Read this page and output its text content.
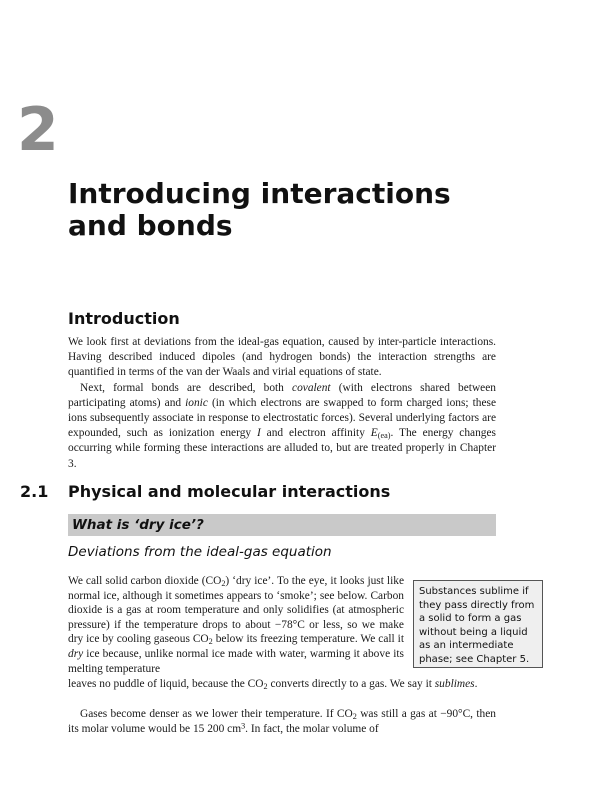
2
Introducing interactions
and bonds
Introduction

We look first at deviations from the ideal-gas equation, caused by inter-particle interactions. Having described induced dipoles (and hydrogen bonds) the interaction strengths are quantified in terms of the van der Waals and virial equations of state.

Next, formal bonds are described, both covalent (with electrons shared between participating atoms) and ionic (in which electrons are swapped to form charged ions; these ions subsequently associate in response to electrostatic forces). Several underlying factors are expounded, such as ionization energy I and electron affinity $E_{(ea)}$. The energy changes occurring while forming these interactions are alluded to, but are treated properly in Chapter 3.

2.1 Physical and molecular interactions
What is ‘dry ice’?
Deviations from the ideal-gas equation

We call solid carbon dioxide $(CO_2)$ ‘dry ice’. To the eye, it looks just like normal ice, although it sometimes appears to ‘smoke’; see below. Carbon dioxide is a gas at room temperature and only solidifies (at atmospheric pressure) if the temperature drops to about −78°C or less, so we make dry ice by cooling gaseous $CO_2$ below its freezing temperature. We call it dry ice because, unlike normal ice made with water, warming it above its melting temperature

leaves no puddle of liquid, because the $CO_2$ converts directly to a gas. We say it sublimes.

Gases become denser as we lower their temperature. If $CO_2$ was still a gas at −90°C, then its molar volume would be 15 200 $cm^3$. In fact, the molar volume of

Substances sublime if they pass directly from a solid to form a gas without being a liquid as an intermediate phase; see Chapter 5.
